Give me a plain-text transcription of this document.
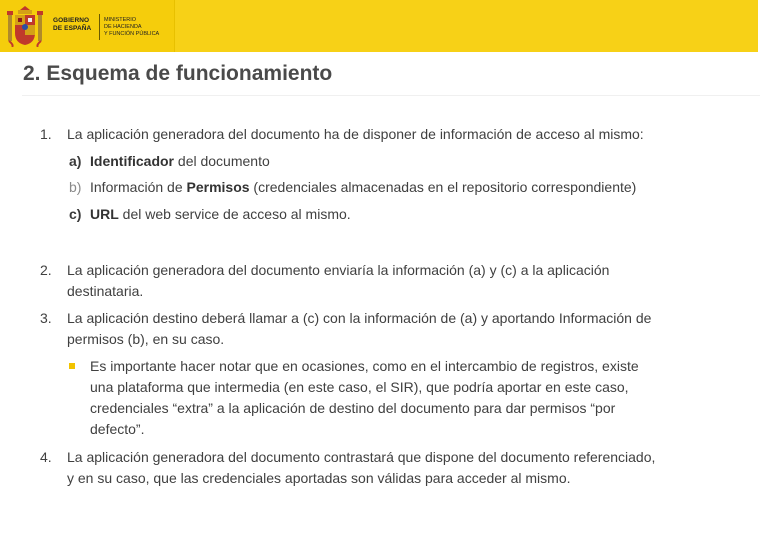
GOBIERNO
DE ESPAÑA
MINISTERIO
DE HACIENDA
Y FUNCIÓN PÚBLICA
2. Esquema de funcionamiento
1. La aplicación generadora del documento ha de disponer de información de acceso al mismo:
a) Identificador del documento
b) Información de Permisos (credenciales almacenadas en el repositorio correspondiente)
c) URL del web service de acceso al mismo.
2. La aplicación generadora del documento enviaría la información (a) y (c) a la aplicación
destinataria.
3. La aplicación destino deberá llamar a (c) con la información de (a) y aportando Información de
permisos (b), en su caso.
Es importante hacer notar que en ocasiones, como en el intercambio de registros, existe
una plataforma que intermedia (en este caso, el SIR), que podría aportar en este caso,
credenciales “extra” a la aplicación de destino del documento para dar permisos “por
defecto”.
4. La aplicación generadora del documento contrastará que dispone del documento referenciado,
y en su caso, que las credenciales aportadas son válidas para acceder al mismo.
